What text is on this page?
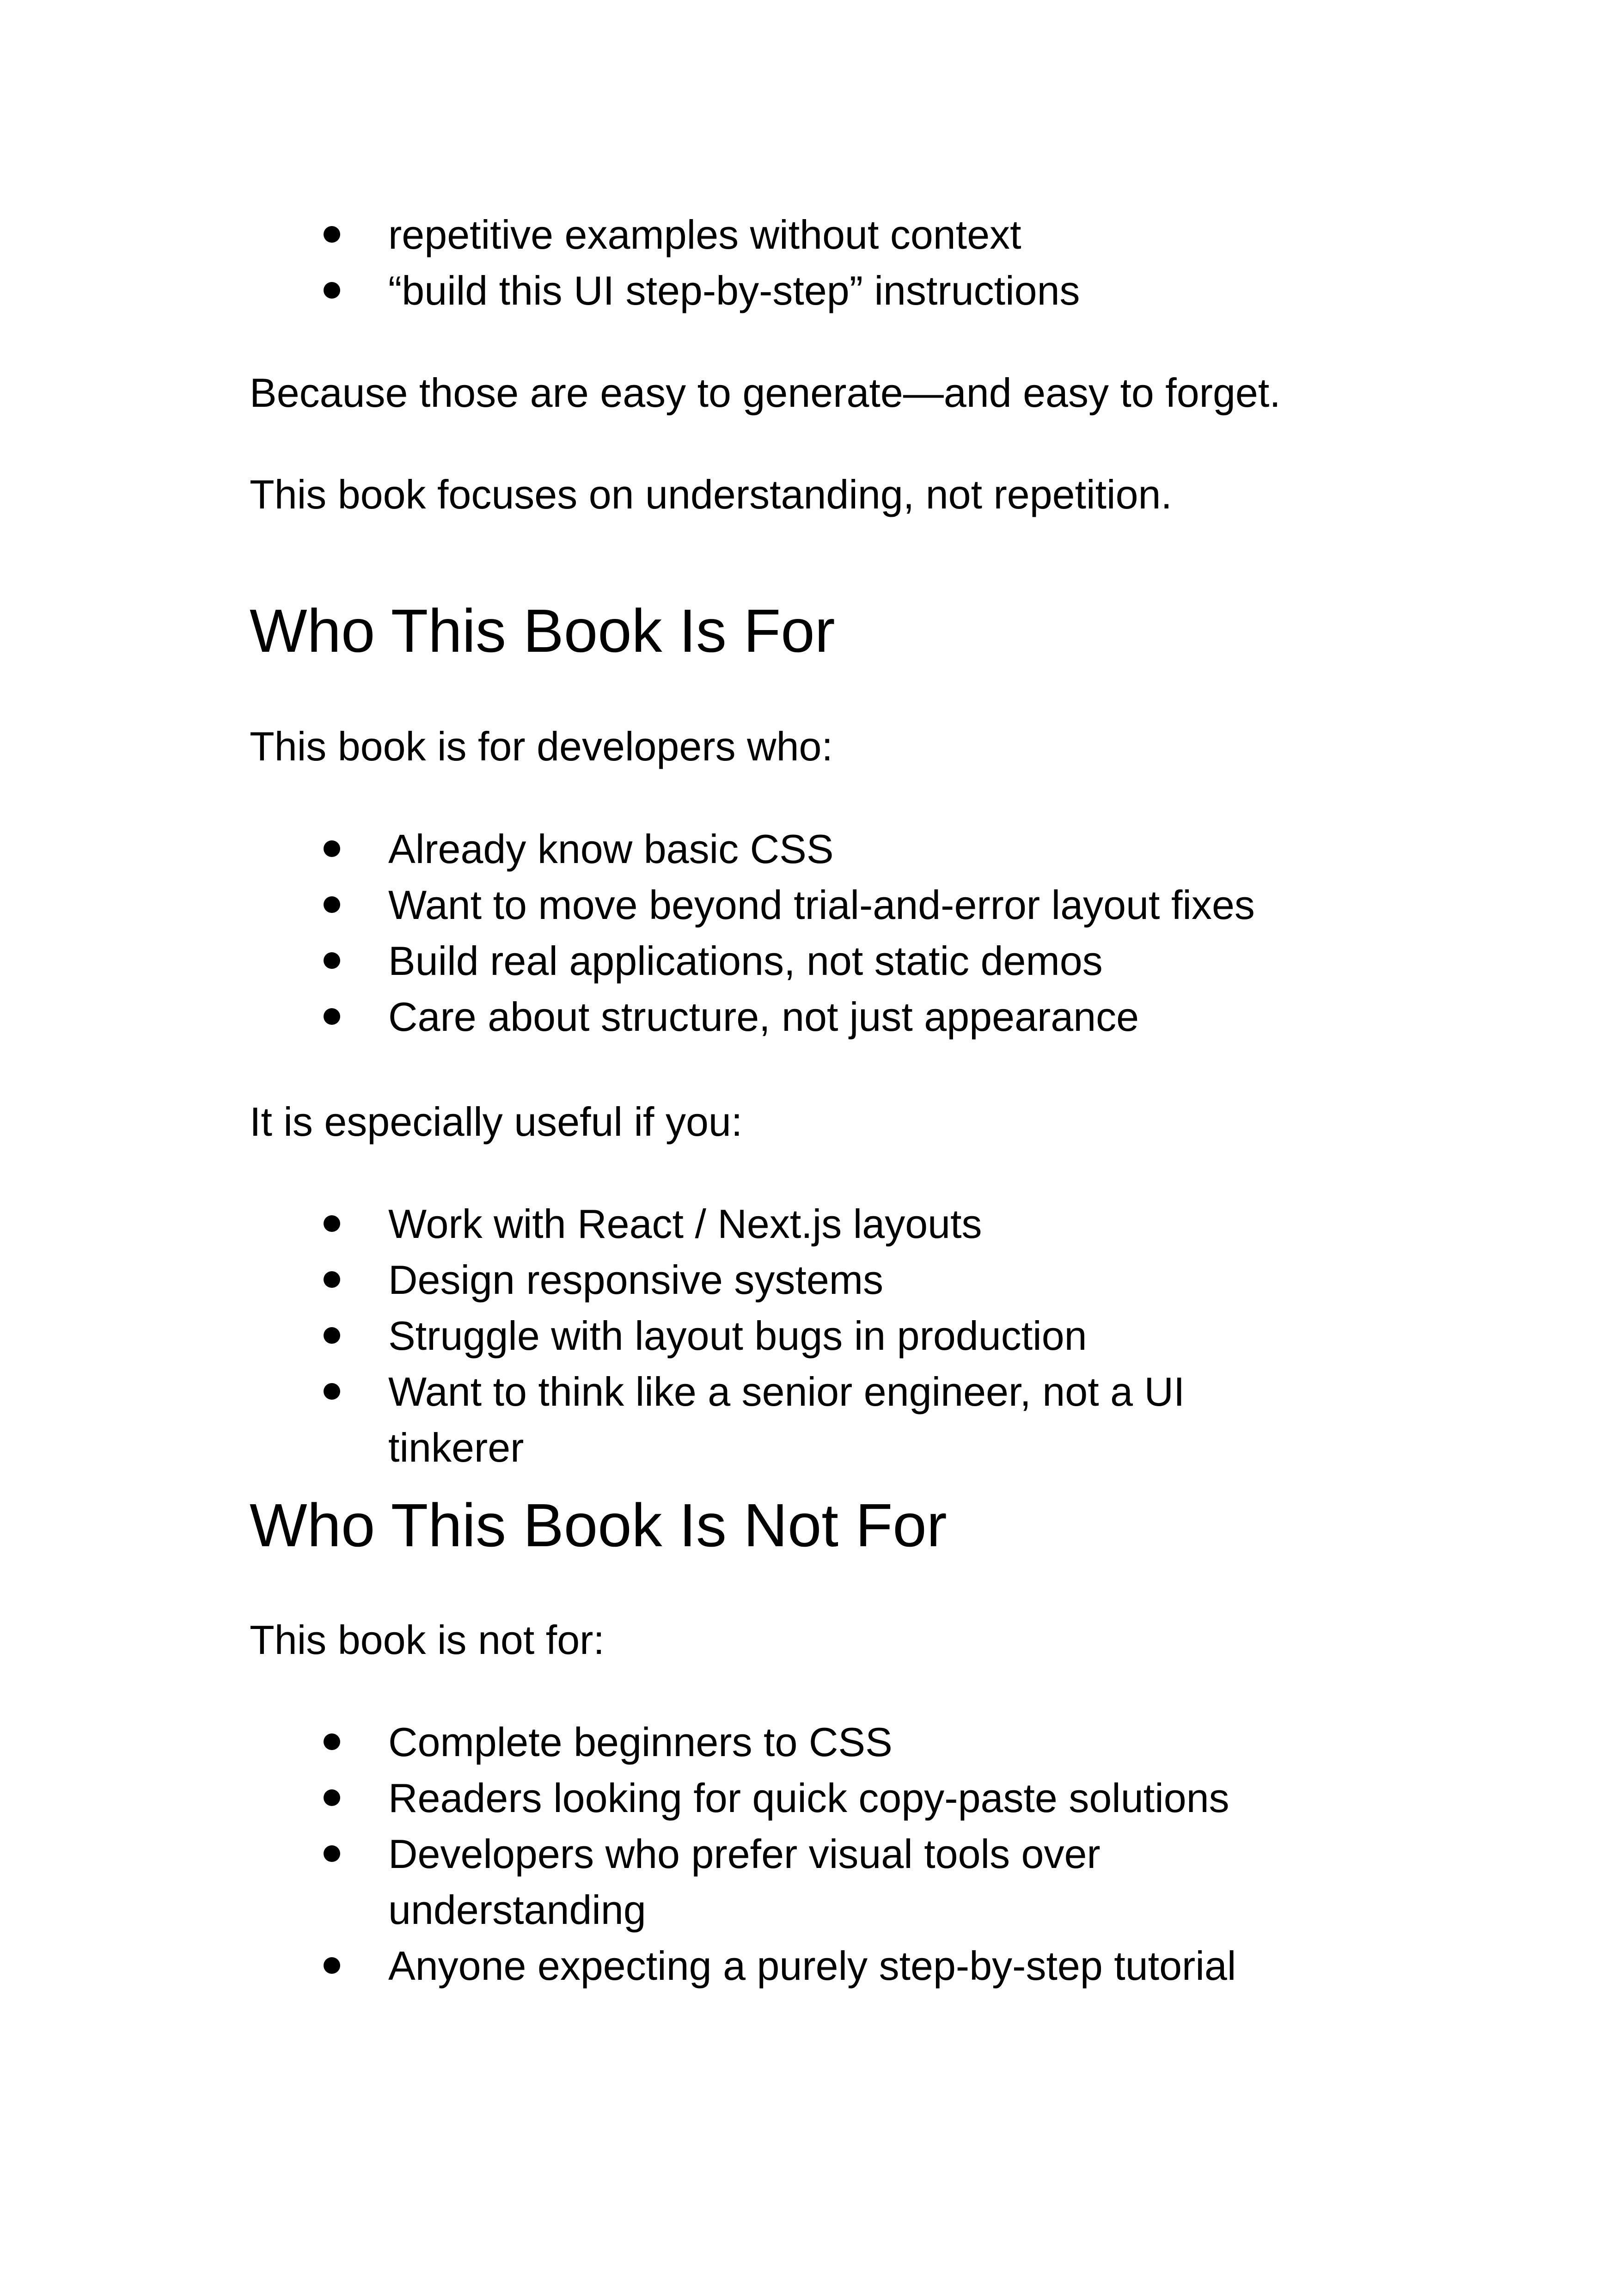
repetitive examples without context
“build this UI step-by-step” instructions

Because those are easy to generate—and easy to forget.

This book focuses on understanding, not repetition.

Who This Book Is For

This book is for developers who:

Already know basic CSS
Want to move beyond trial-and-error layout fixes
Build real applications, not static demos
Care about structure, not just appearance

It is especially useful if you:

Work with React / Next.js layouts
Design responsive systems
Struggle with layout bugs in production
Want to think like a senior engineer, not a UI tinkerer
Who This Book Is Not For

This book is not for:

Complete beginners to CSS
Readers looking for quick copy-paste solutions
Developers who prefer visual tools over understanding
Anyone expecting a purely step-by-step tutorial
